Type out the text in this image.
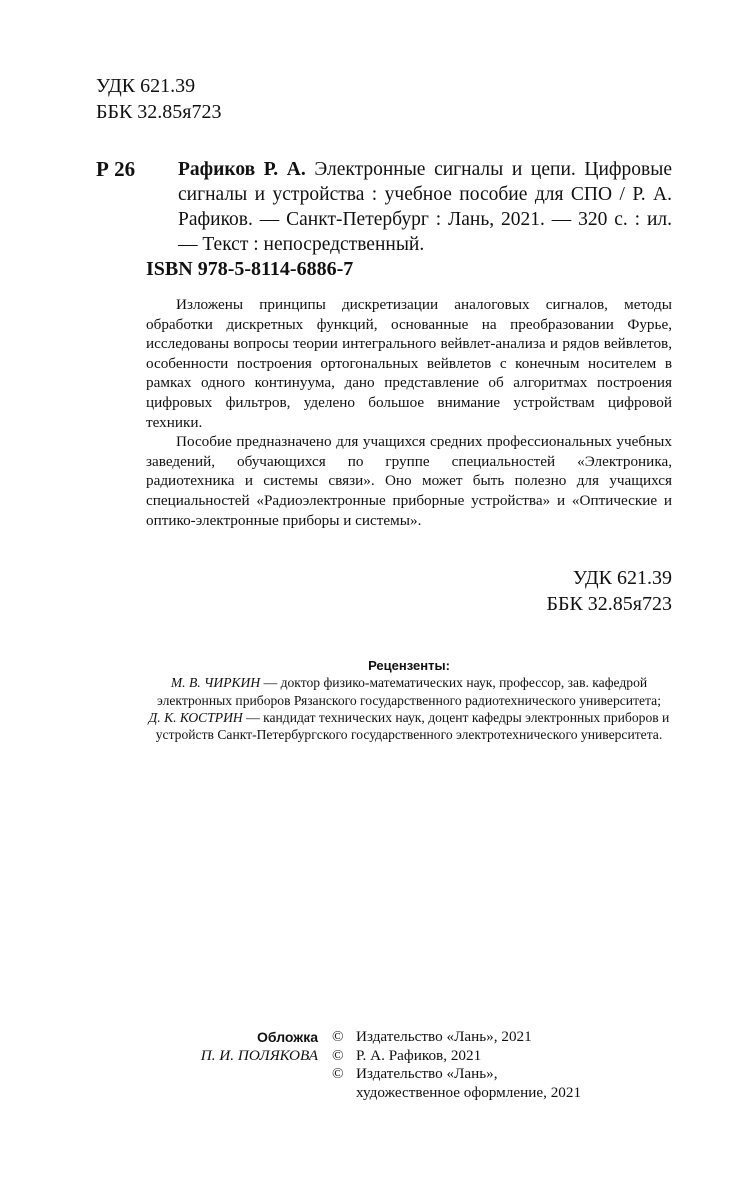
УДК 621.39
ББК 32.85я723
Р 26 Рафиков Р. А. Электронные сигналы и цепи. Цифровые сигналы и устройства : учебное пособие для СПО / Р. А. Рафиков. — Санкт-Петербург : Лань, 2021. — 320 с. : ил. — Текст : непосредственный.
ISBN 978-5-8114-6886-7

Изложены принципы дискретизации аналоговых сигналов, методы обработки дискретных функций, основанные на преобразовании Фурье, исследованы вопросы теории интегрального вейвлет-анализа и рядов вейвлетов, особенности построения ортогональных вейвлетов с конечным носителем в рамках одного континуума, дано представление об алгоритмах построения цифровых фильтров, уделено большое внимание устройствам цифровой техники.

Пособие предназначено для учащихся средних профессиональных учебных заведений, обучающихся по группе специальностей «Электроника, радиотехника и системы связи». Оно может быть полезно для учащихся специальностей «Радиоэлектронные приборные устройства» и «Оптические и оптико-электронные приборы и системы».

УДК 621.39
ББК 32.85я723
Рецензенты:
М. В. ЧИРКИН — доктор физико-математических наук, профессор, зав. кафедрой электронных приборов Рязанского государственного радиотехнического университета;
Д. К. КОСТРИН — кандидат технических наук, доцент кафедры электронных приборов и устройств Санкт-Петербургского государственного электротехнического университета.
Обложка
П. И. ПОЛЯКОВА
© Издательство «Лань», 2021
© Р. А. Рафиков, 2021
© Издательство «Лань»,
художественное оформление, 2021
